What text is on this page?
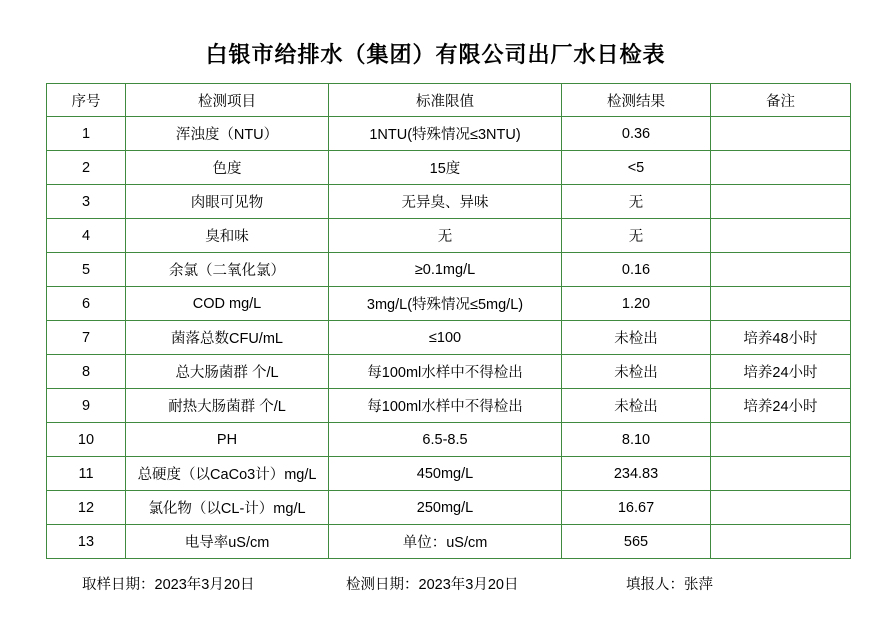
白银市给排水（集团）有限公司出厂水日检表
序号	检测项目	标准限值	检测结果	备注
1	浑浊度（NTU）	1NTU(特殊情况≤3NTU)	0.36	
2	色度	15度	<5	
3	肉眼可见物	无异臭、异味	无	
4	臭和味	无	无	
5	余氯（二氧化氯）	≥0.1mg/L	0.16	
6	COD mg/L	3mg/L(特殊情况≤5mg/L)	1.20	
7	菌落总数CFU/mL	≤100	未检出	培养48小时
8	总大肠菌群 个/L	每100ml水样中不得检出	未检出	培养24小时
9	耐热大肠菌群 个/L	每100ml水样中不得检出	未检出	培养24小时
10	PH	6.5-8.5	8.10	
11	总硬度（以CaCo3计）mg/L	450mg/L	234.83	
12	氯化物（以CL-计）mg/L	250mg/L	16.67	
13	电导率uS/cm	单位：uS/cm	565	
取样日期：2023年3月20日	检测日期：2023年3月20日	填报人：张萍
